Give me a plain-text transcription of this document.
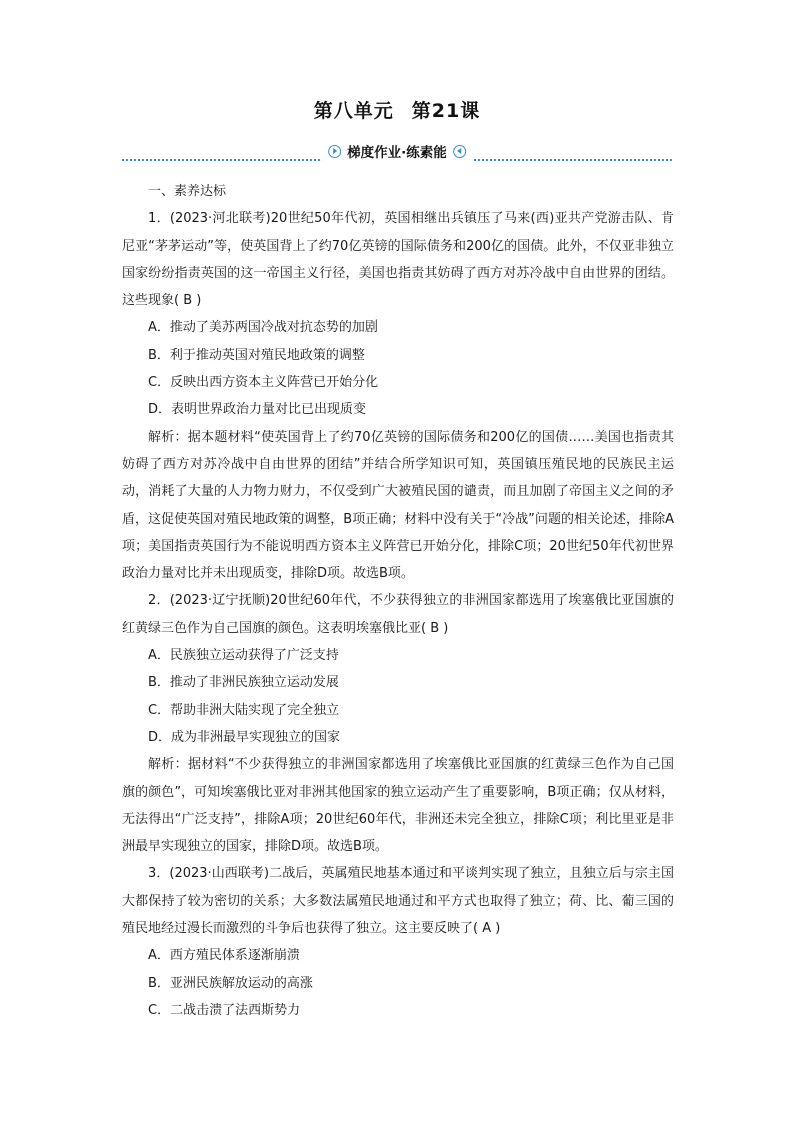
第八单元 第21课
梯度作业·练素能

一、素养达标

1．(2023·河北联考)20世纪50年代初，英国相继出兵镇压了马来(西)亚共产党游击队、肯尼亚“茅茅运动”等，使英国背上了约70亿英镑的国际债务和200亿的国债。此外，不仅亚非独立国家纷纷指责英国的这一帝国主义行径，美国也指责其妨碍了西方对苏冷战中自由世界的团结。这些现象( B )

A．推动了美苏两国冷战对抗态势的加剧

B．利于推动英国对殖民地政策的调整

C．反映出西方资本主义阵营已开始分化

D．表明世界政治力量对比已出现质变

解析：据本题材料“使英国背上了约70亿英镑的国际债务和200亿的国债……美国也指责其妨碍了西方对苏冷战中自由世界的团结”并结合所学知识可知，英国镇压殖民地的民族民主运动，消耗了大量的人力物力财力，不仅受到广大被殖民国的谴责，而且加剧了帝国主义之间的矛盾，这促使英国对殖民地政策的调整，B项正确；材料中没有关于“冷战”问题的相关论述，排除A项；美国指责英国行为不能说明西方资本主义阵营已开始分化，排除C项；20世纪50年代初世界政治力量对比并未出现质变，排除D项。故选B项。

2．(2023·辽宁抚顺)20世纪60年代，不少获得独立的非洲国家都选用了埃塞俄比亚国旗的红黄绿三色作为自己国旗的颜色。这表明埃塞俄比亚( B )

A．民族独立运动获得了广泛支持

B．推动了非洲民族独立运动发展

C．帮助非洲大陆实现了完全独立

D．成为非洲最早实现独立的国家

解析：据材料“不少获得独立的非洲国家都选用了埃塞俄比亚国旗的红黄绿三色作为自己国旗的颜色”，可知埃塞俄比亚对非洲其他国家的独立运动产生了重要影响，B项正确；仅从材料，无法得出“广泛支持”，排除A项；20世纪60年代，非洲还未完全独立，排除C项；利比里亚是非洲最早实现独立的国家，排除D项。故选B项。

3．(2023·山西联考)二战后，英属殖民地基本通过和平谈判实现了独立，且独立后与宗主国大都保持了较为密切的关系；大多数法属殖民地通过和平方式也取得了独立；荷、比、葡三国的殖民地经过漫长而激烈的斗争后也获得了独立。这主要反映了( A )

A．西方殖民体系逐渐崩溃

B．亚洲民族解放运动的高涨

C．二战击溃了法西斯势力
